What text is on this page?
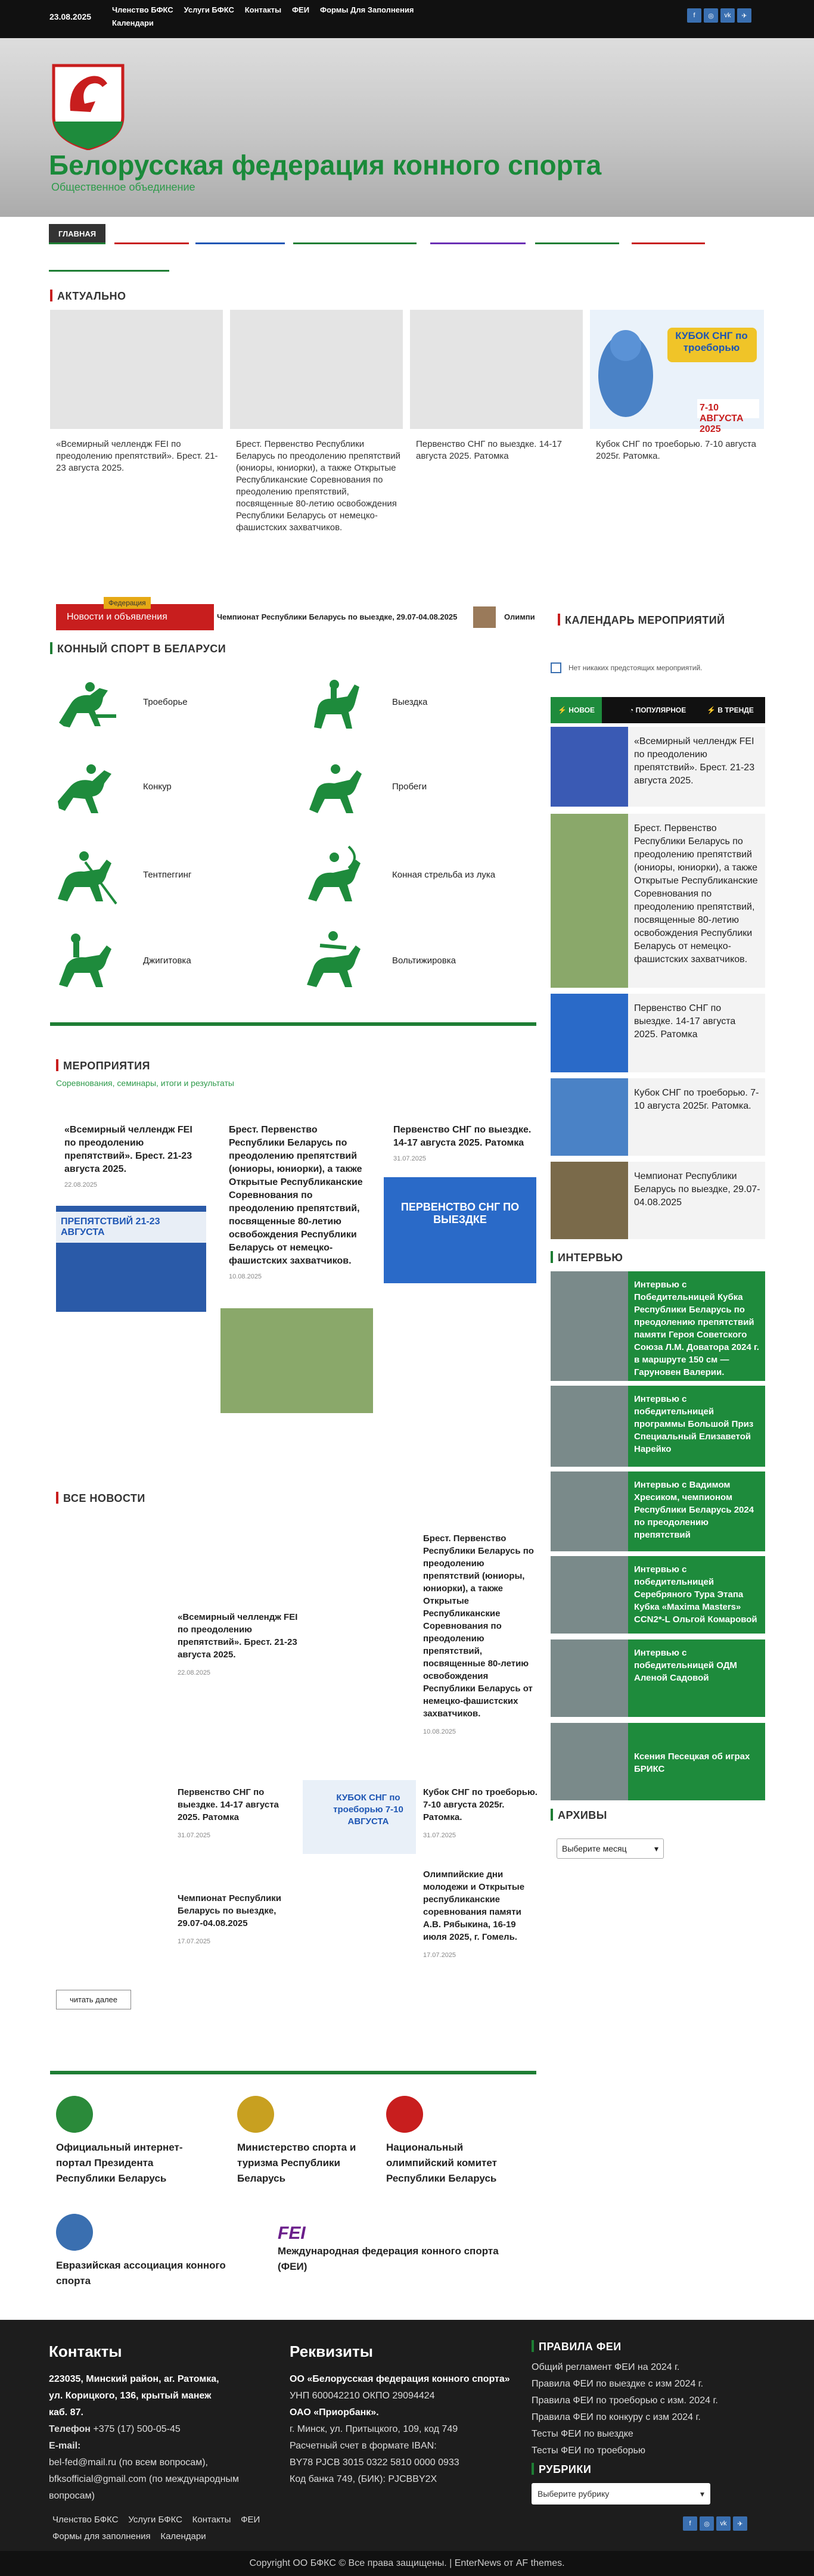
23.08.2025
Членство БФКС Услуги БФКС Контакты ФЕИ Формы Для Заполнения Календари
f	◎	vk	✈
Белорусская федерация конного спорта
Общественное объединение
ГЛАВНАЯ	ФЕДЕРАЦИЯ ▾	КОННЫЙ СПОРТ ▾	ПРАВИЛА И ДОКУМЕНТЫ ▾	КОЛЛЕГИЯ СУДЕЙ ▾	ВЕТЕРИНАРИЯ ▾	АНТИДОПИНГ
МЕДИА И АККРЕДИТАЦИЯ
🔍︎
АКТУАЛЬНО
КУБОК СНГ по троеборью
7-10 АВГУСТА 2025
«Всемирный челлендж FEI по преодолению препятствий». Брест. 21-23 августа 2025.
Брест. Первенство Республики Беларусь по преодолению препятствий (юниоры, юниорки), а также Открытые Республиканские Соревнования по преодолению препятствий, посвященные 80-летию освобождения Республики Беларусь от немецко-фашистских захватчиков.
Первенство СНГ по выездке. 14-17 августа 2025. Ратомка
Кубок СНГ по троеборью. 7-10 августа 2025г. Ратомка.
Федерация
Новости и объявления	Чемпионат Республики Беларусь по выездке, 29.07-04.08.2025	Олимпи
КОННЫЙ СПОРТ В БЕЛАРУСИ
Троеборье	Выездка
Конкур	Пробеги
Тентпеггинг	Конная стрельба из лука
Джигитовка	Вольтижировка
МЕРОПРИЯТИЯ
Соревнования, семинары, итоги и результаты
«Всемирный челлендж FEI по преодолению препятствий». Брест. 21-23 августа 2025.
22.08.2025
ПРЕПЯТСТВИЙ 21-23 АВГУСТА
Брест. Первенство Республики Беларусь по преодолению препятствий (юниоры, юниорки), а также Открытые Республиканские Соревнования по преодолению препятствий, посвященные 80-летию освобождения Республики Беларусь от немецко-фашистских захватчиков.
10.08.2025
Первенство СНГ по выездке. 14-17 августа 2025. Ратомка
31.07.2025
ПЕРВЕНСТВО СНГ ПО ВЫЕЗДКЕ
ВСЕ НОВОСТИ
«Всемирный челлендж FEI по преодолению препятствий». Брест. 21-23 августа 2025.
22.08.2025
Брест. Первенство Республики Беларусь по преодолению препятствий (юниоры, юниорки), а также Открытые Республиканские Соревнования по преодолению препятствий, посвященные 80-летию освобождения Республики Беларусь от немецко-фашистских захватчиков.
10.08.2025
Первенство СНГ по выездке. 14-17 августа 2025. Ратомка
31.07.2025
КУБОК СНГ по троеборью 7-10 АВГУСТА
Кубок СНГ по троеборью. 7-10 августа 2025г. Ратомка.
31.07.2025
Чемпионат Республики Беларусь по выездке, 29.07-04.08.2025
17.07.2025
Олимпийские дни молодежи и Открытые республиканские соревнования памяти А.В. Рябыкина, 16-19 июля 2025, г. Гомель.
17.07.2025
читать далее
Официальный интернет-портал Президента Республики Беларусь
Министерство спорта и туризма Республики Беларусь
Национальный олимпийский комитет Республики Беларусь
Евразийская ассоциация конного спорта
FEI
Международная федерация конного спорта (ФЕИ)
КАЛЕНДАРЬ МЕРОПРИЯТИЙ
Нет никаких предстоящих мероприятий.
⚡ НОВОЕ	◔ ПОПУЛЯРНОЕ	⚡ В ТРЕНДЕ
«Всемирный челлендж FEI по преодолению препятствий». Брест. 21-23 августа 2025.
Брест. Первенство Республики Беларусь по преодолению препятствий (юниоры, юниорки), а также Открытые Республиканские Соревнования по преодолению препятствий, посвященные 80-летию освобождения Республики Беларусь от немецко-фашистских захватчиков.
Первенство СНГ по выездке. 14-17 августа 2025. Ратомка
Кубок СНГ по троеборью. 7-10 августа 2025г. Ратомка.
Чемпионат Республики Беларусь по выездке, 29.07-04.08.2025
ИНТЕРВЬЮ
Интервью с Победительницей Кубка Республики Беларусь по преодолению препятствий памяти Героя Советского Союза Л.М. Доватора 2024 г. в маршруте 150 см — Гаруновен Валерии.
Интервью с победительницей программы Большой Приз Специальный Елизаветой Нарейко
Интервью с Вадимом Хресиком, чемпионом Республики Беларусь 2024 по преодолению препятствий
Интервью с победительницей Серебряного Тура Этапа Кубка «Maxima Masters» CCN2*-L Ольгой Комаровой
Интервью с победительницей ОДМ Аленой Садовой
Ксения Песецкая об играх БРИКС
АРХИВЫ
Выберите месяц	▾
Контакты
223035, Минский район, аг. Ратомка, ул. Корицкого, 136, крытый манеж каб. 87.
Телефон +375 (17) 500-05-45
E-mail:
bel-fed@mail.ru (по всем вопросам),
bfksofficial@gmail.com (по международным вопросам)
Реквизиты
ОО «Белорусская федерация конного спорта»
УНП 600042210 ОКПО 29094424
ОАО «Приорбанк».
г. Минск, ул. Притыцкого, 109, код 749
Расчетный счет в формате IBAN:
BY78 PJCB 3015 0322 5810 0000 0933
Код банка 749, (БИК): PJCBBY2X
ПРАВИЛА ФЕИ
Общий регламент ФЕИ на 2024 г.
Правила ФЕИ по выездке с изм 2024 г.
Правила ФЕИ по троеборью с изм. 2024 г.
Правила ФЕИ по конкуру с изм 2024 г.
Тесты ФЕИ по выездке
Тесты ФЕИ по троеборью
РУБРИКИ
Выберите рубрику	▾
Членство БФКС Услуги БФКС Контакты ФЕИ
Формы для заполнения Календари
f	◎	vk	✈
Copyright ОО БФКС © Все права защищены. | EnterNews от AF themes.
